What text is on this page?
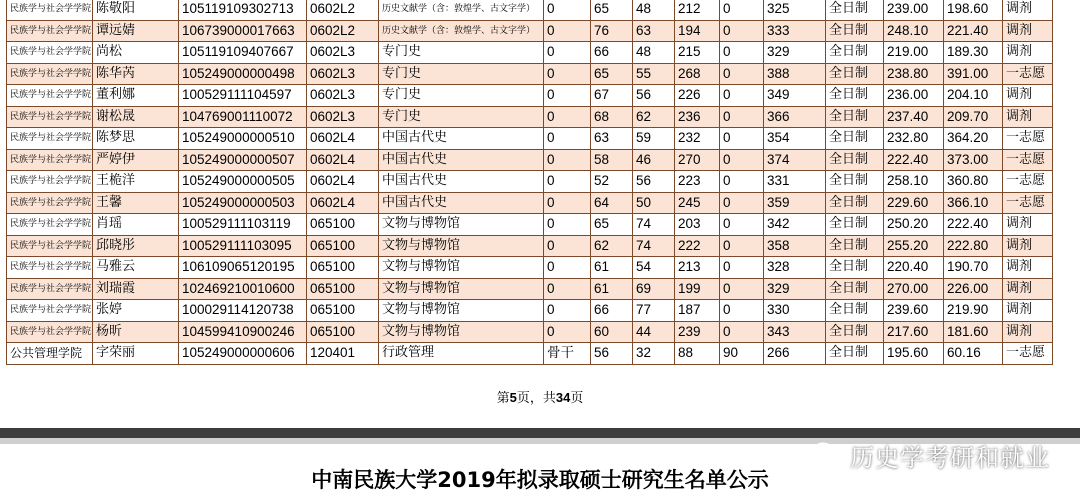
民族学与社会学学院	陈敬阳	105119109302713	0602L2	历史文献学（含：敦煌学、古文字学）	0	65	48	212	0	325	全日制	239.00	198.60	调剂
民族学与社会学学院	谭远婧	106739000017663	0602L2	历史文献学（含：敦煌学、古文字学）	0	76	63	194	0	333	全日制	248.10	221.40	调剂
民族学与社会学学院	尚松	105119109407667	0602L3	专门史	0	66	48	215	0	329	全日制	219.00	189.30	调剂
民族学与社会学学院	陈华芮	105249000000498	0602L3	专门史	0	65	55	268	0	388	全日制	238.80	391.00	一志愿
民族学与社会学学院	董利娜	100529111104597	0602L3	专门史	0	67	56	226	0	349	全日制	236.00	204.10	调剂
民族学与社会学学院	谢松晟	104769001110072	0602L3	专门史	0	68	62	236	0	366	全日制	237.40	209.70	调剂
民族学与社会学学院	陈梦思	105249000000510	0602L4	中国古代史	0	63	59	232	0	354	全日制	232.80	364.20	一志愿
民族学与社会学学院	严婷伊	105249000000507	0602L4	中国古代史	0	58	46	270	0	374	全日制	222.40	373.00	一志愿
民族学与社会学学院	王桅洋	105249000000505	0602L4	中国古代史	0	52	56	223	0	331	全日制	258.10	360.80	一志愿
民族学与社会学学院	王馨	105249000000503	0602L4	中国古代史	0	64	50	245	0	359	全日制	229.60	366.10	一志愿
民族学与社会学学院	肖瑶	100529111103119	065100	文物与博物馆	0	65	74	203	0	342	全日制	250.20	222.40	调剂
民族学与社会学学院	邱晓彤	100529111103095	065100	文物与博物馆	0	62	74	222	0	358	全日制	255.20	222.80	调剂
民族学与社会学学院	马雅云	106109065120195	065100	文物与博物馆	0	61	54	213	0	328	全日制	220.40	190.70	调剂
民族学与社会学学院	刘瑞霞	102469210010600	065100	文物与博物馆	0	61	69	199	0	329	全日制	270.00	226.00	调剂
民族学与社会学学院	张婷	100029114120738	065100	文物与博物馆	0	66	77	187	0	330	全日制	239.60	219.90	调剂
民族学与社会学学院	杨昕	104599410900246	065100	文物与博物馆	0	60	44	239	0	343	全日制	217.60	181.60	调剂
公共管理学院	字荣丽	105249000000606	120401	行政管理	骨干	56	32	88	90	266	全日制	195.60	60.16	一志愿
第5页，共34页
历史学考研和就业
中南民族大学2019年拟录取硕士研究生名单公示
